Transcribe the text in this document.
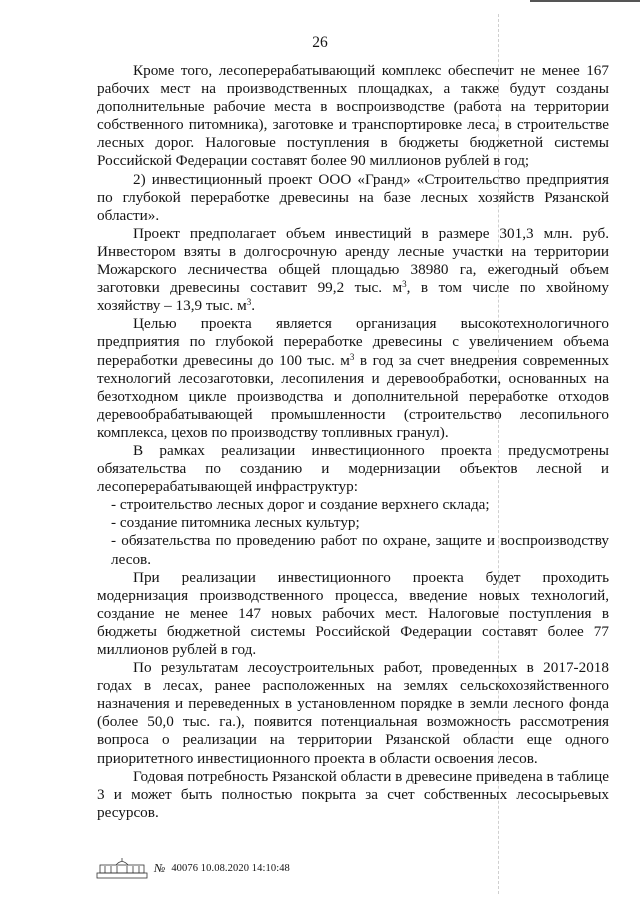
26

Кроме того, лесоперерабатывающий комплекс обеспечит не менее 167 рабочих мест на производственных площадках, а также будут созданы дополнительные рабочие места в воспроизводстве (работа на территории собственного питомника), заготовке и транспортировке леса, в строительстве лесных дорог. Налоговые поступления в бюджеты бюджетной системы Российской Федерации составят более 90 миллионов рублей в год;

2) инвестиционный проект ООО «Гранд» «Строительство предприятия по глубокой переработке древесины на базе лесных хозяйств Рязанской области».

Проект предполагает объем инвестиций в размере 301,3 млн. руб. Инвестором взяты в долгосрочную аренду лесные участки на территории Можарского лесничества общей площадью 38980 га, ежегодный объем заготовки древесины составит 99,2 тыс. $м^3$, в том числе по хвойному хозяйству – 13,9 тыс. $м^3$.

Целью проекта является организация высокотехнологичного предприятия по глубокой переработке древесины с увеличением объема переработки древесины до 100 тыс. $м^3$ в год за счет внедрения современных технологий лесозаготовки, лесопиления и деревообработки, основанных на безотходном цикле производства и дополнительной переработке отходов деревообрабатывающей промышленности (строительство лесопильного комплекса, цехов по производству топливных гранул).

В рамках реализации инвестиционного проекта предусмотрены обязательства по созданию и модернизации объектов лесной и лесоперерабатывающей инфраструктур:

- строительство лесных дорог и создание верхнего склада;

- создание питомника лесных культур;

- обязательства по проведению работ по охране, защите и воспроизводству лесов.

При реализации инвестиционного проекта будет проходить модернизация производственного процесса, введение новых технологий, создание не менее 147 новых рабочих мест. Налоговые поступления в бюджеты бюджетной системы Российской Федерации составят более 77 миллионов рублей в год.

По результатам лесоустроительных работ, проведенных в 2017-2018 годах в лесах, ранее расположенных на землях сельскохозяйственного назначения и переведенных в установленном порядке в земли лесного фонда (более 50,0 тыс. га.), появится потенциальная возможность рассмотрения вопроса о реализации на территории Рязанской области еще одного приоритетного инвестиционного проекта в области освоения лесов.

Годовая потребность Рязанской области в древесине приведена в таблице 3 и может быть полностью покрыта за счет собственных лесосырьевых ресурсов.

№ 40076 10.08.2020 14:10:48
